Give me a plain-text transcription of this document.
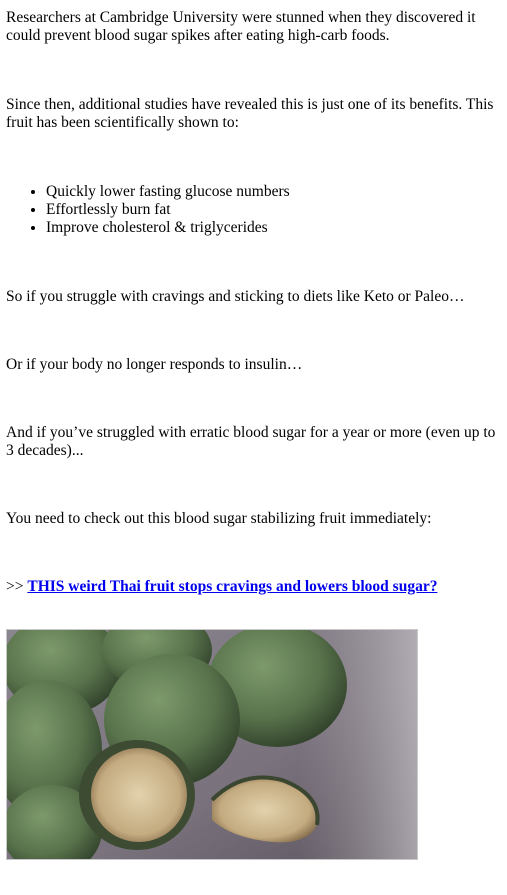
Researchers at Cambridge University were stunned when they discovered it could prevent blood sugar spikes after eating high-carb foods.

Since then, additional studies have revealed this is just one of its benefits. This fruit has been scientifically shown to:

• Quickly lower fasting glucose numbers
• Effortlessly burn fat
• Improve cholesterol & triglycerides

So if you struggle with cravings and sticking to diets like Keto or Paleo…

Or if your body no longer responds to insulin…

And if you’ve struggled with erratic blood sugar for a year or more (even up to 3 decades)...

You need to check out this blood sugar stabilizing fruit immediately:

>> THIS weird Thai fruit stops cravings and lowers blood sugar?
